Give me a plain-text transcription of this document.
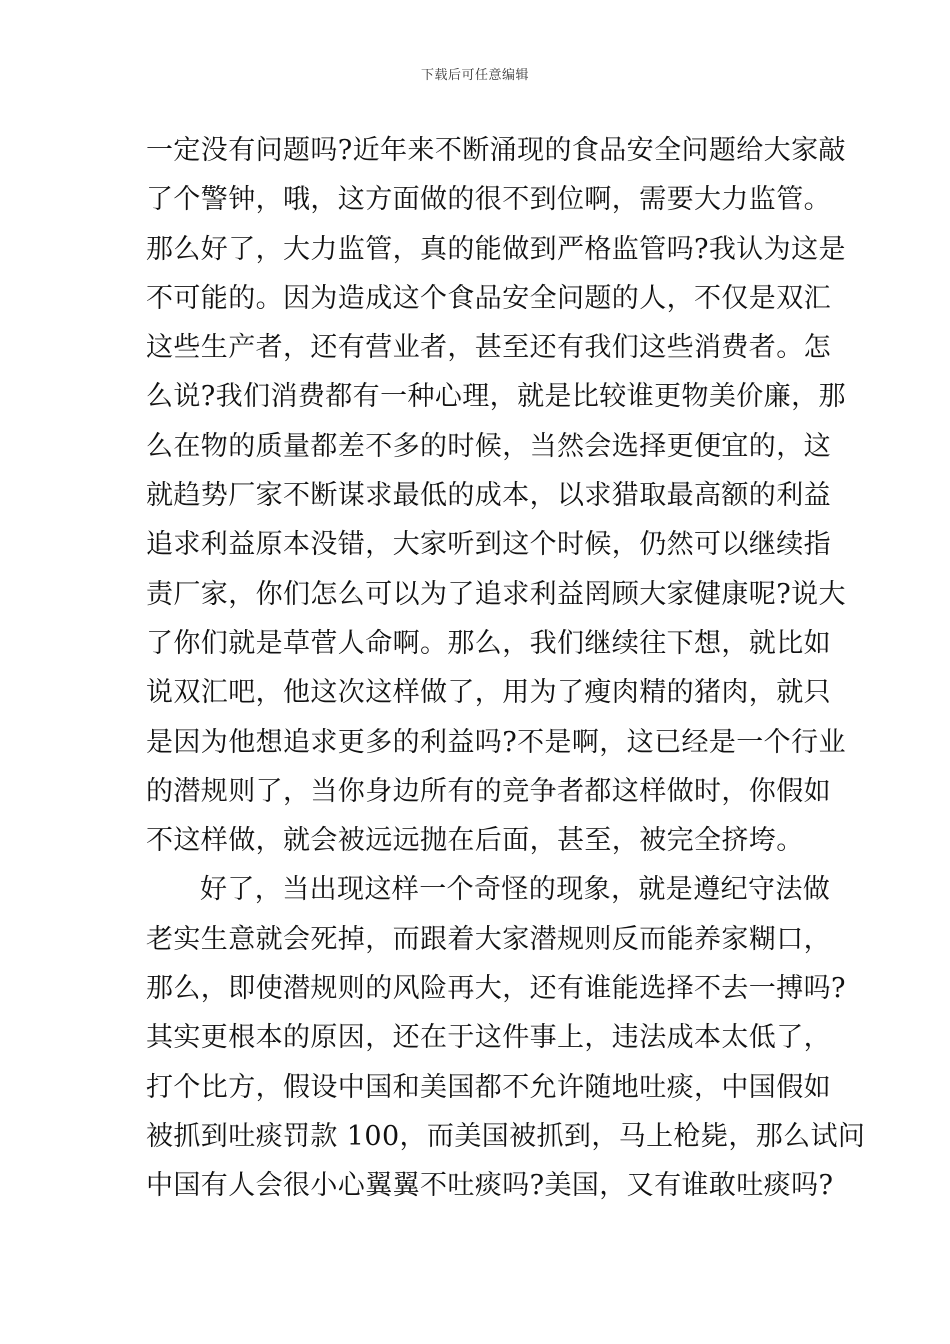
下载后可任意编辑
一定没有问题吗?近年来不断涌现的食品安全问题给大家敲
了个警钟，哦，这方面做的很不到位啊，需要大力监管。
那么好了，大力监管，真的能做到严格监管吗?我认为这是
不可能的。因为造成这个食品安全问题的人，不仅是双汇
这些生产者，还有营业者，甚至还有我们这些消费者。怎
么说?我们消费都有一种心理，就是比较谁更物美价廉，那
么在物的质量都差不多的时候，当然会选择更便宜的，这
就趋势厂家不断谋求最低的成本，以求猎取最高额的利益
追求利益原本没错，大家听到这个时候，仍然可以继续指
责厂家，你们怎么可以为了追求利益罔顾大家健康呢?说大
了你们就是草菅人命啊。那么，我们继续往下想，就比如
说双汇吧，他这次这样做了，用为了瘦肉精的猪肉，就只
是因为他想追求更多的利益吗?不是啊，这已经是一个行业
的潜规则了，当你身边所有的竞争者都这样做时，你假如
不这样做，就会被远远抛在后面，甚至，被完全挤垮。
好了，当出现这样一个奇怪的现象，就是遵纪守法做
老实生意就会死掉，而跟着大家潜规则反而能养家糊口，
那么，即使潜规则的风险再大，还有谁能选择不去一搏吗?
其实更根本的原因，还在于这件事上，违法成本太低了，
打个比方，假设中国和美国都不允许随地吐痰，中国假如
被抓到吐痰罚款 100，而美国被抓到，马上枪毙，那么试问
中国有人会很小心翼翼不吐痰吗?美国，又有谁敢吐痰吗?
